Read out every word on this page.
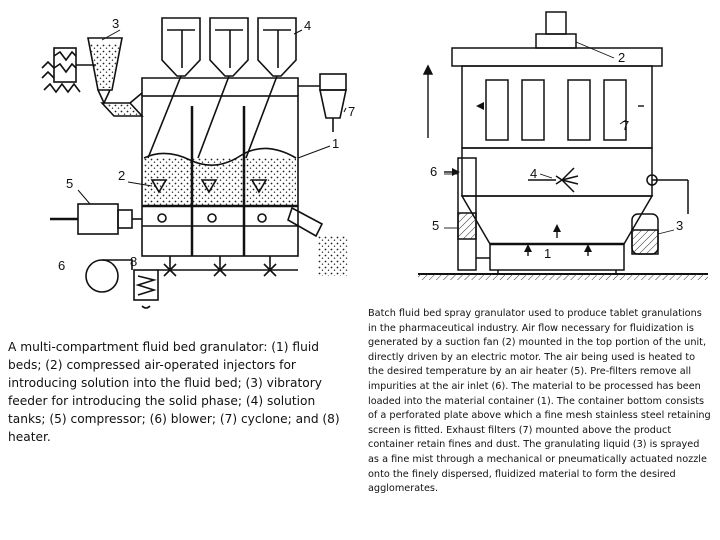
3	4
7
1
2
5
6	8
2
7
6	4
3
5
1

A multi-compartment fluid bed granulator: (1) fluid beds; (2) compressed air-operated injectors for introducing solution into the fluid bed; (3) vibratory feeder for introducing the solid phase; (4) solution tanks; (5) compressor; (6) blower; (7) cyclone; and (8) heater.

Batch fluid bed spray granulator used to produce tablet granulations in the pharmaceutical industry. Air flow necessary for fluidization is generated by a suction fan (2) mounted in the top portion of the unit, directly driven by an electric motor. The air being used is heated to the desired temperature by an air heater (5). Pre-filters remove all impurities at the air inlet (6). The material to be processed has been loaded into the material container (1). The container bottom consists of a perforated plate above which a fine mesh stainless steel retaining screen is fitted. Exhaust filters (7) mounted above the product container retain fines and dust. The granulating liquid (3) is sprayed as a fine mist through a mechanical or pneumatically actuated nozzle onto the finely dispersed, fluidized material to form the desired agglomerates.
